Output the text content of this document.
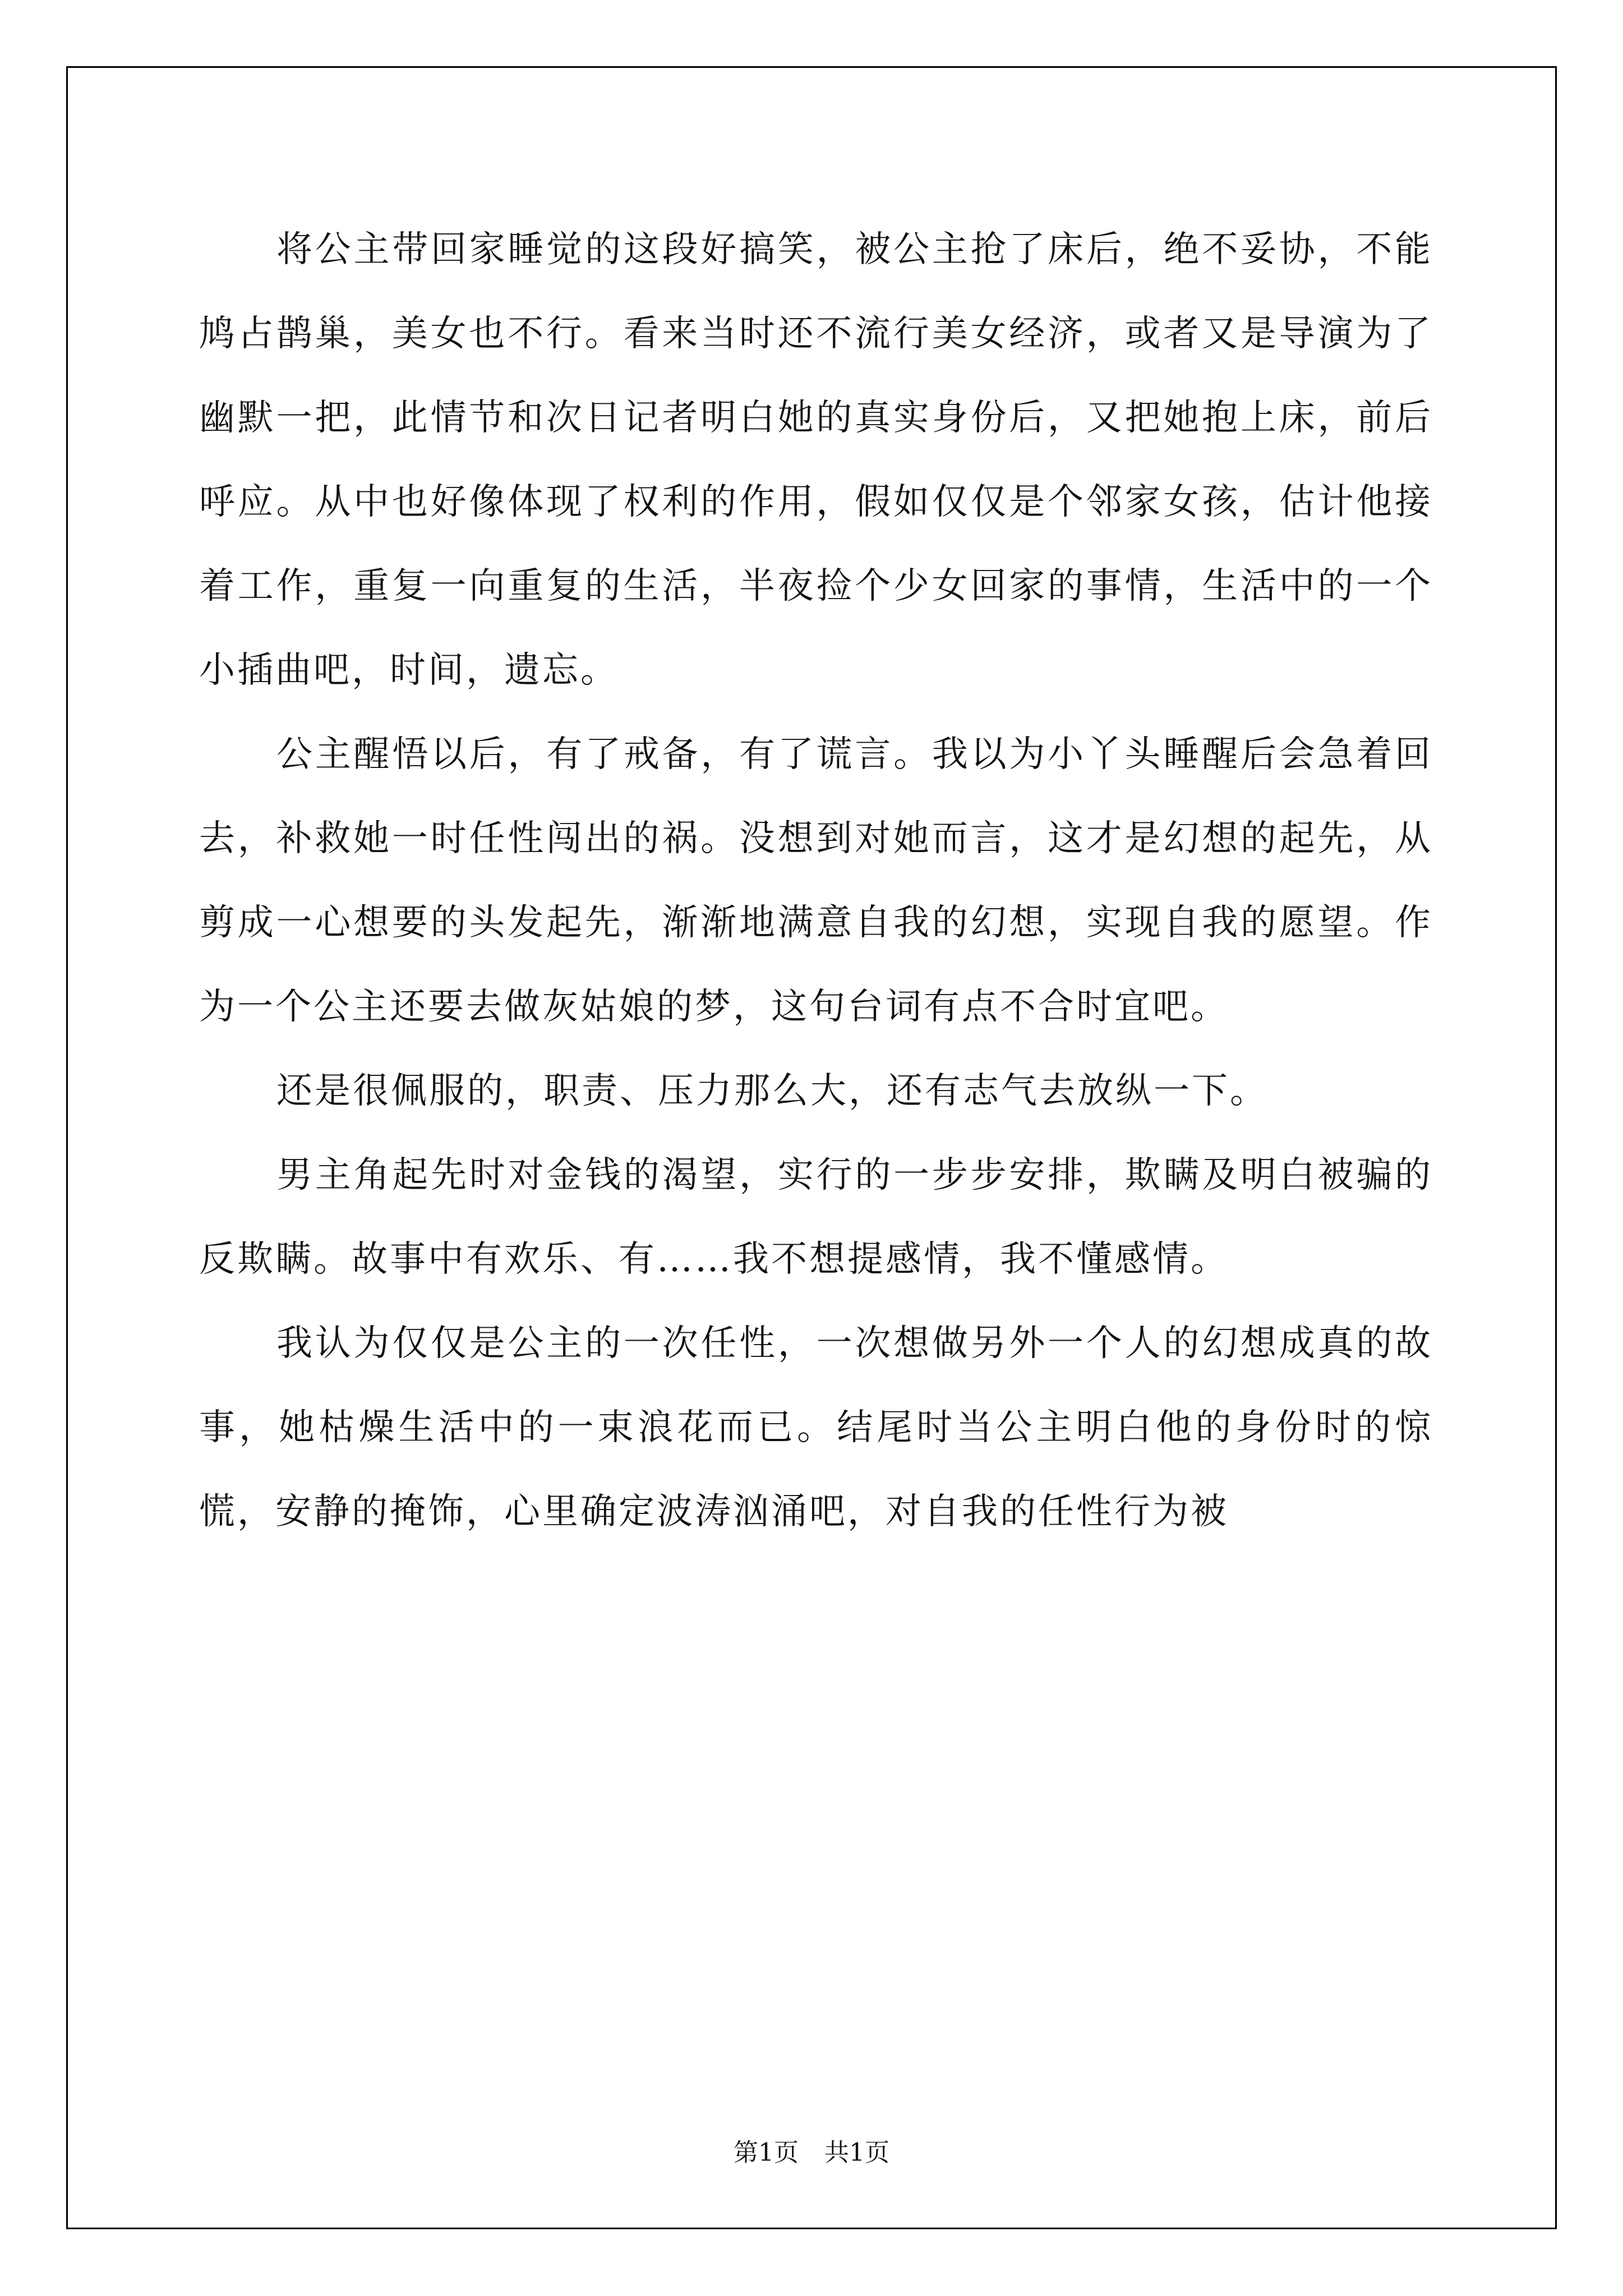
将公主带回家睡觉的这段好搞笑，被公主抢了床后，绝不妥协，不能鸠占鹊巢，美女也不行。看来当时还不流行美女经济，或者又是导演为了幽默一把，此情节和次日记者明白她的真实身份后，又把她抱上床，前后呼应。从中也好像体现了权利的作用，假如仅仅是个邻家女孩，估计他接着工作，重复一向重复的生活，半夜捡个少女回家的事情，生活中的一个小插曲吧，时间，遗忘。

公主醒悟以后，有了戒备，有了谎言。我以为小丫头睡醒后会急着回去，补救她一时任性闯出的祸。没想到对她而言，这才是幻想的起先，从剪成一心想要的头发起先，渐渐地满意自我的幻想，实现自我的愿望。作为一个公主还要去做灰姑娘的梦，这句台词有点不合时宜吧。

还是很佩服的，职责、压力那么大，还有志气去放纵一下。

男主角起先时对金钱的渴望，实行的一步步安排，欺瞒及明白被骗的反欺瞒。故事中有欢乐、有……我不想提感情，我不懂感情。

我认为仅仅是公主的一次任性，一次想做另外一个人的幻想成真的故事，她枯燥生活中的一束浪花而已。结尾时当公主明白他的身份时的惊慌，安静的掩饰，心里确定波涛汹涌吧，对自我的任性行为被

第1页 共1页
